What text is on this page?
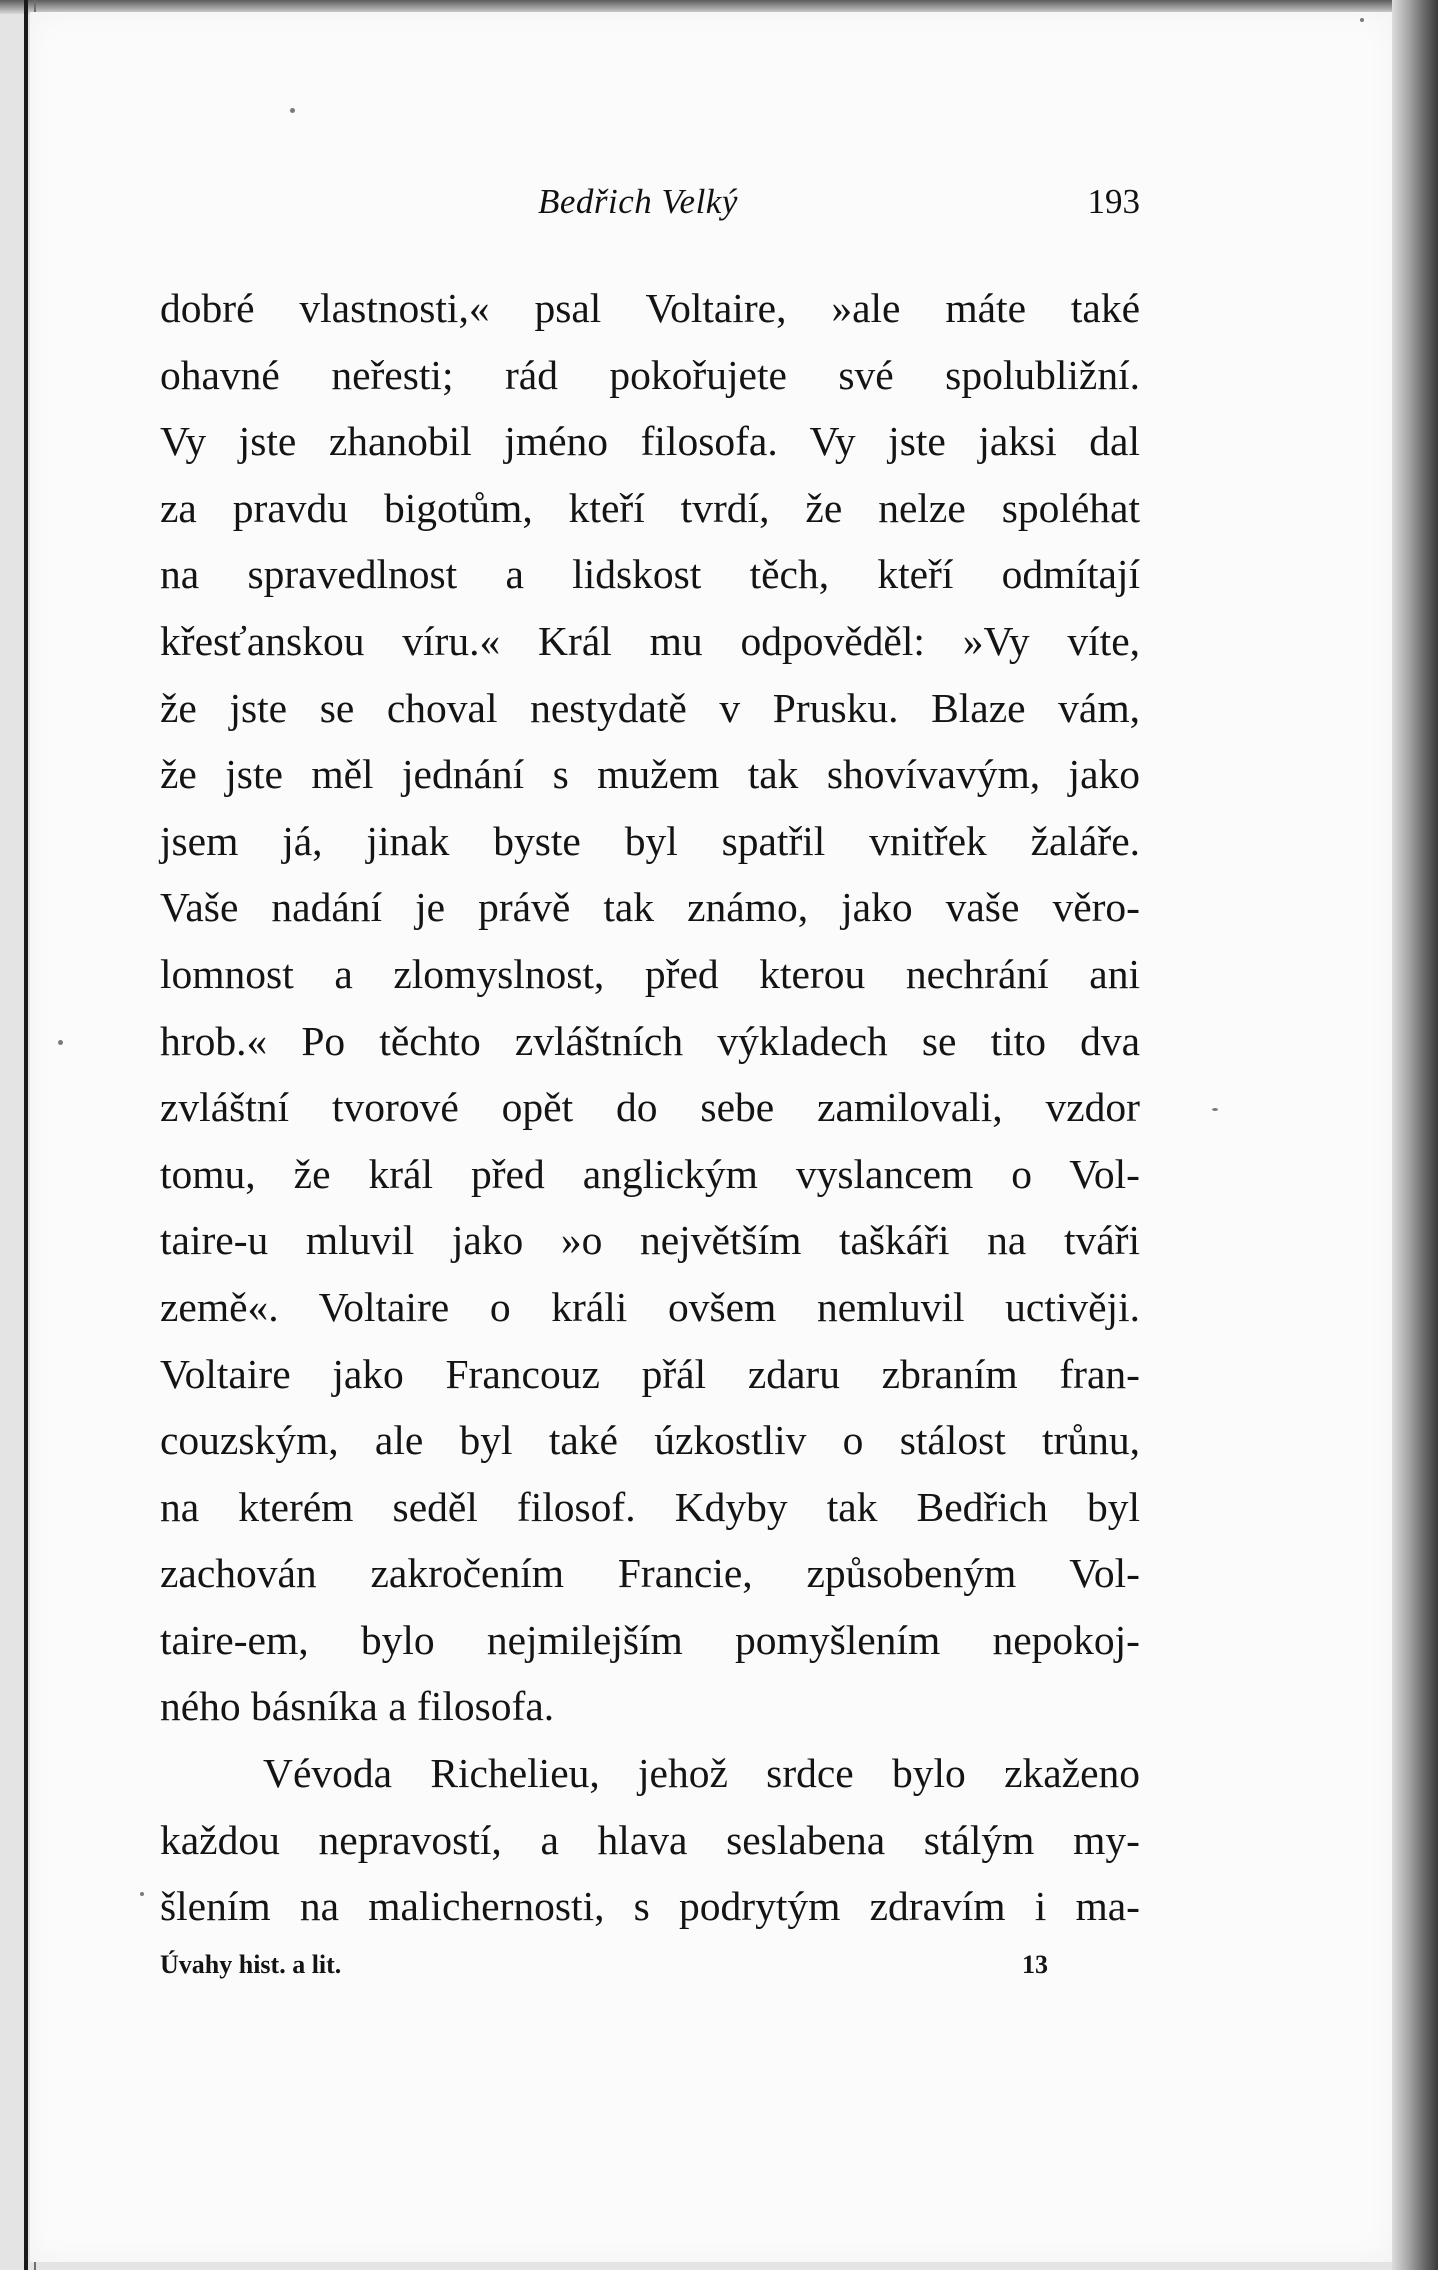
Bedřich Velký	193
dobré vlastnosti,« psal Voltaire, »ale máte také
ohavné neřesti; rád pokořujete své spolubližní.
Vy jste zhanobil jméno filosofa. Vy jste jaksi dal
za pravdu bigotům, kteří tvrdí, že nelze spoléhat
na spravedlnost a lidskost těch, kteří odmítají
křesťanskou víru.« Král mu odpověděl: »Vy víte,
že jste se choval nestydatě v Prusku. Blaze vám,
že jste měl jednání s mužem tak shovívavým, jako
jsem já, jinak byste byl spatřil vnitřek žaláře.
Vaše nadání je právě tak známo, jako vaše věro-
lomnost a zlomyslnost, před kterou nechrání ani
hrob.« Po těchto zvláštních výkladech se tito dva
zvláštní tvorové opět do sebe zamilovali, vzdor
tomu, že král před anglickým vyslancem o Vol-
taire-u mluvil jako »o největším taškáři na tváři
země«. Voltaire o králi ovšem nemluvil uctivěji.
Voltaire jako Francouz přál zdaru zbraním fran-
couzským, ale byl také úzkostliv o stálost trůnu,
na kterém seděl filosof. Kdyby tak Bedřich byl
zachován zakročením Francie, způsobeným Vol-
taire-em, bylo nejmilejším pomyšlením nepokoj-
ného básníka a filosofa.
Vévoda Richelieu, jehož srdce bylo zkaženo
každou nepravostí, a hlava seslabena stálým my-
šlením na malichernosti, s podrytým zdravím i ma-
Úvahy hist. a lit.	13
